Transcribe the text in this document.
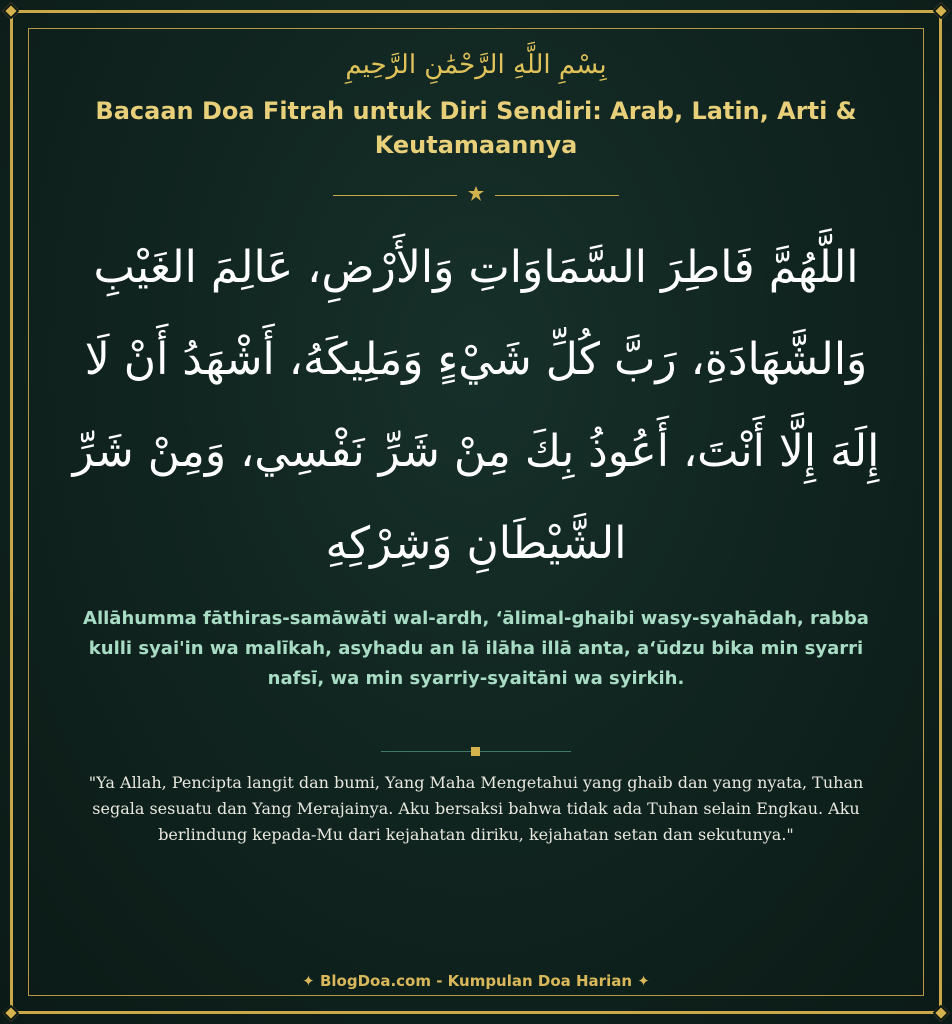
بِسْمِ اللَّهِ الرَّحْمَٰنِ الرَّحِيمِ
Bacaan Doa Fitrah untuk Diri Sendiri: Arab, Latin, Arti & Keutamaannya
اللَّهُمَّ فَاطِرَ السَّمَاوَاتِ وَالأَرْضِ، عَالِمَ الغَيْبِ وَالشَّهَادَةِ، رَبَّ كُلِّ شَيْءٍ وَمَلِيكَهُ، أَشْهَدُ أَنْ لَا إِلَهَ إِلَّا أَنْتَ، أَعُوذُ بِكَ مِنْ شَرِّ نَفْسِي، وَمِنْ شَرِّ الشَّيْطَانِ وَشِرْكِهِ
Allāhumma fāthiras-samāwāti wal-ardh, ‘ālimal-ghaibi wasy-syahādah, rabba kulli syai'in wa malīkah, asyhadu an lā ilāha illā anta, a‘ūdzu bika min syarri nafsī, wa min syarriy-syaitāni wa syirkih.
"Ya Allah, Pencipta langit dan bumi, Yang Maha Mengetahui yang ghaib dan yang nyata, Tuhan segala sesuatu dan Yang Merajainya. Aku bersaksi bahwa tidak ada Tuhan selain Engkau. Aku berlindung kepada-Mu dari kejahatan diriku, kejahatan setan dan sekutunya."
✦ BlogDoa.com - Kumpulan Doa Harian ✦
